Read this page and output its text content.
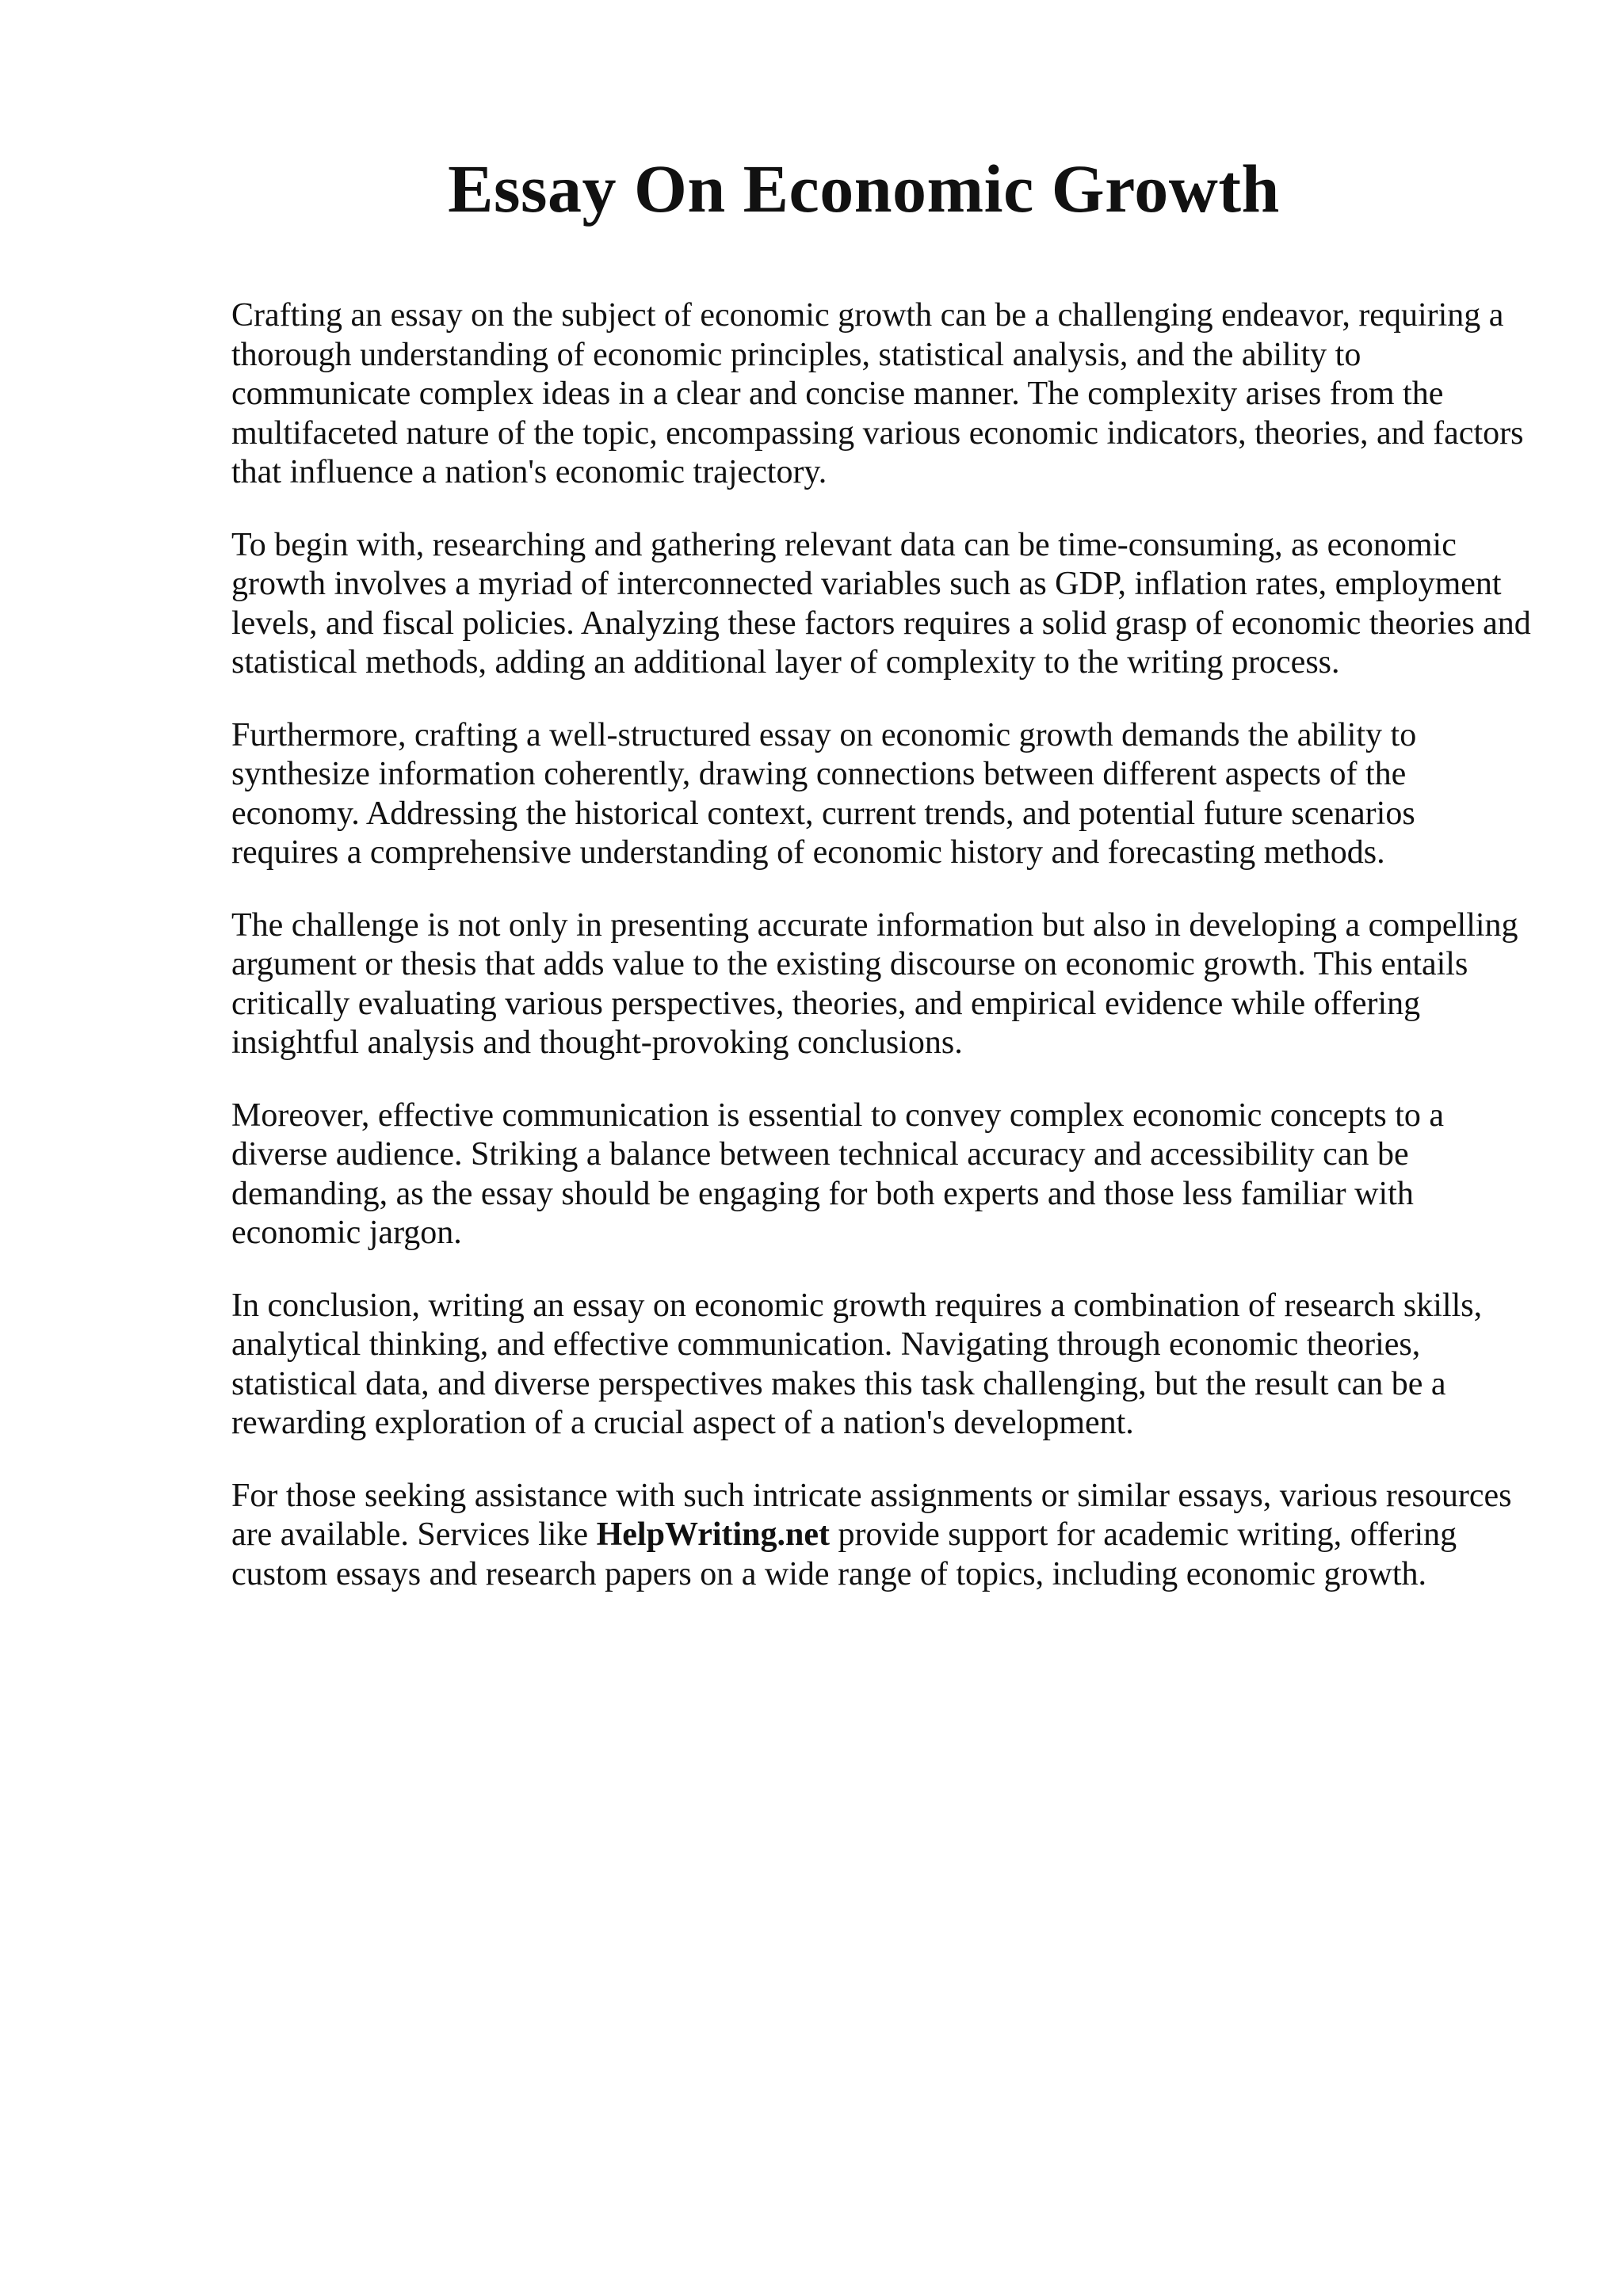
Essay On Economic Growth

Crafting an essay on the subject of economic growth can be a challenging endeavor, requiring a
thorough understanding of economic principles, statistical analysis, and the ability to
communicate complex ideas in a clear and concise manner. The complexity arises from the
multifaceted nature of the topic, encompassing various economic indicators, theories, and factors
that influence a nation's economic trajectory.

To begin with, researching and gathering relevant data can be time-consuming, as economic
growth involves a myriad of interconnected variables such as GDP, inflation rates, employment
levels, and fiscal policies. Analyzing these factors requires a solid grasp of economic theories and
statistical methods, adding an additional layer of complexity to the writing process.

Furthermore, crafting a well-structured essay on economic growth demands the ability to
synthesize information coherently, drawing connections between different aspects of the
economy. Addressing the historical context, current trends, and potential future scenarios
requires a comprehensive understanding of economic history and forecasting methods.

The challenge is not only in presenting accurate information but also in developing a compelling
argument or thesis that adds value to the existing discourse on economic growth. This entails
critically evaluating various perspectives, theories, and empirical evidence while offering
insightful analysis and thought-provoking conclusions.

Moreover, effective communication is essential to convey complex economic concepts to a
diverse audience. Striking a balance between technical accuracy and accessibility can be
demanding, as the essay should be engaging for both experts and those less familiar with
economic jargon.

In conclusion, writing an essay on economic growth requires a combination of research skills,
analytical thinking, and effective communication. Navigating through economic theories,
statistical data, and diverse perspectives makes this task challenging, but the result can be a
rewarding exploration of a crucial aspect of a nation's development.

For those seeking assistance with such intricate assignments or similar essays, various resources
are available. Services like HelpWriting.net provide support for academic writing, offering
custom essays and research papers on a wide range of topics, including economic growth.
